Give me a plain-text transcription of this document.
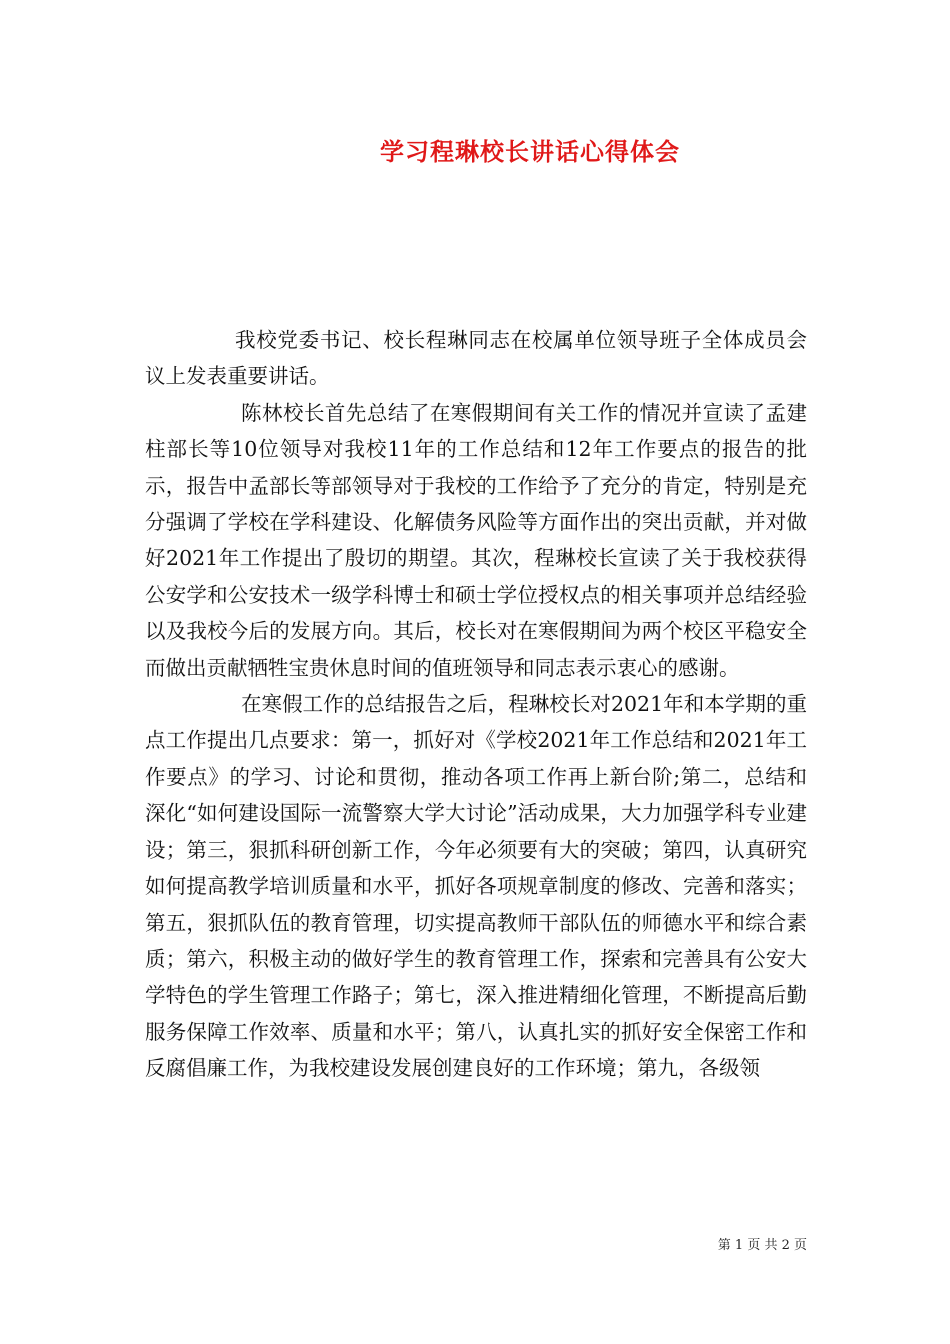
学习程琳校长讲话心得体会

我校党委书记、校长程琳同志在校属单位领导班子全体成员会议上发表重要讲话。

陈林校长首先总结了在寒假期间有关工作的情况并宣读了孟建柱部长等10位领导对我校11年的工作总结和12年工作要点的报告的批示，报告中孟部长等部领导对于我校的工作给予了充分的肯定，特别是充分强调了学校在学科建设、化解债务风险等方面作出的突出贡献，并对做好2021年工作提出了殷切的期望。其次，程琳校长宣读了关于我校获得公安学和公安技术一级学科博士和硕士学位授权点的相关事项并总结经验以及我校今后的发展方向。其后，校长对在寒假期间为两个校区平稳安全而做出贡献牺牲宝贵休息时间的值班领导和同志表示衷心的感谢。

在寒假工作的总结报告之后，程琳校长对2021年和本学期的重点工作提出几点要求：第一，抓好对《学校2021年工作总结和2021年工作要点》的学习、讨论和贯彻，推动各项工作再上新台阶;第二，总结和深化“如何建设国际一流警察大学大讨论”活动成果，大力加强学科专业建设；第三，狠抓科研创新工作，今年必须要有大的突破；第四，认真研究如何提高教学培训质量和水平，抓好各项规章制度的修改、完善和落实；第五，狠抓队伍的教育管理，切实提高教师干部队伍的师德水平和综合素质；第六，积极主动的做好学生的教育管理工作，探索和完善具有公安大学特色的学生管理工作路子；第七，深入推进精细化管理，不断提高后勤服务保障工作效率、质量和水平；第八，认真扎实的抓好安全保密工作和反腐倡廉工作，为我校建设发展创建良好的工作环境；第九，各级领

第 1 页 共 2 页
